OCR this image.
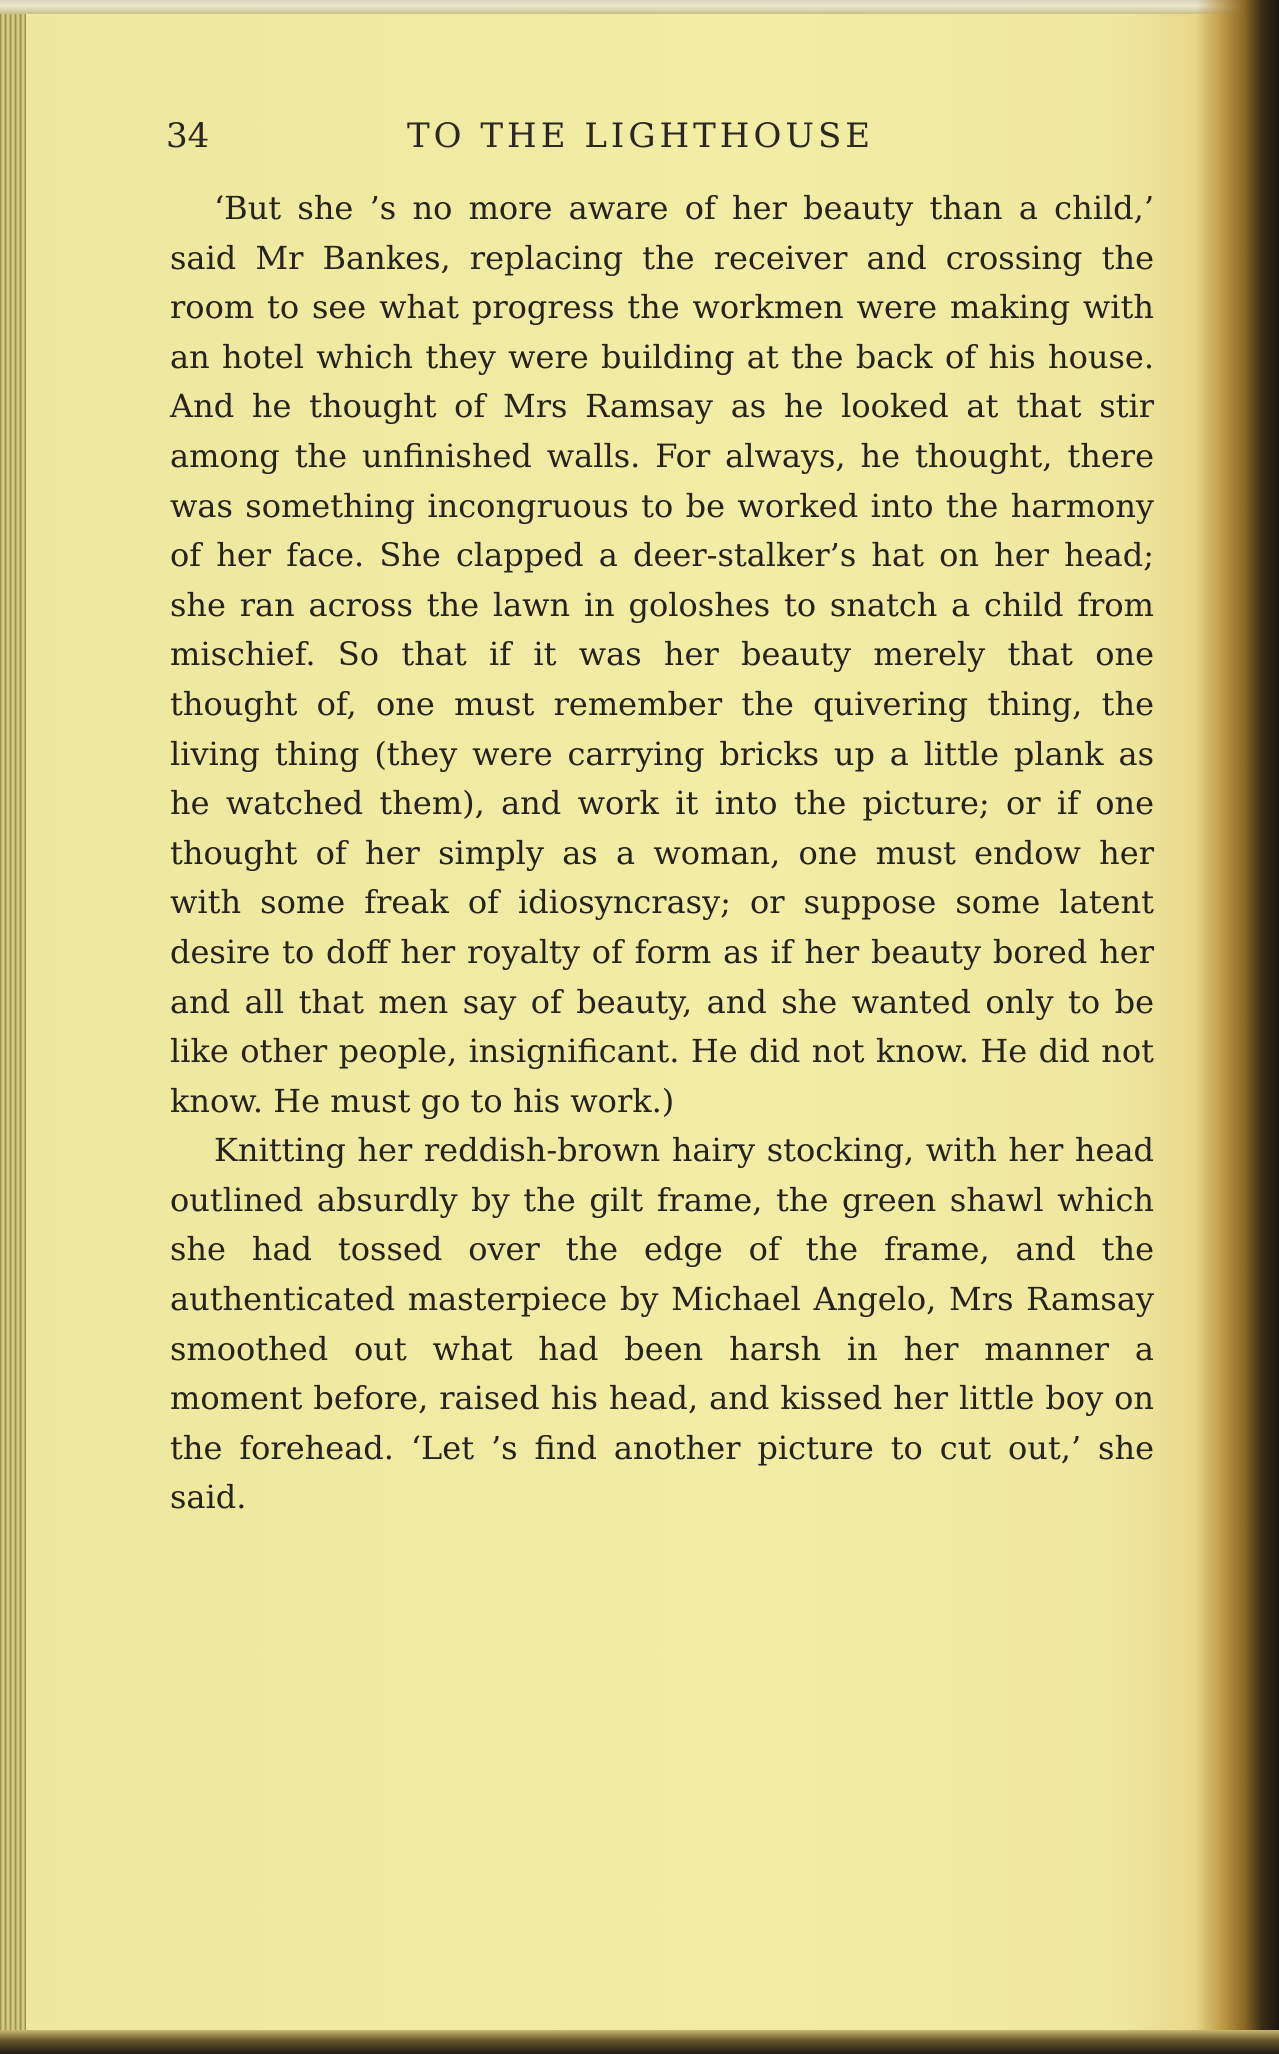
34	TO THE LIGHTHOUSE

‘But she ’s no more aware of her beauty than a child,’ said Mr Bankes, replacing the receiver and crossing the room to see what progress the workmen were making with an hotel which they were building at the back of his house. And he thought of Mrs Ramsay as he looked at that stir among the unfinished walls. For always, he thought, there was something incongruous to be worked into the harmony of her face. She clapped a deer-stalker’s hat on her head; she ran across the lawn in goloshes to snatch a child from mischief. So that if it was her beauty merely that one thought of, one must remember the quivering thing, the living thing (they were carrying bricks up a little plank as he watched them), and work it into the picture; or if one thought of her simply as a woman, one must endow her with some freak of idiosyncrasy; or suppose some latent desire to doff her royalty of form as if her beauty bored her and all that men say of beauty, and she wanted only to be like other people, insignificant. He did not know. He did not know. He must go to his work.)

Knitting her reddish-brown hairy stocking, with her head outlined absurdly by the gilt frame, the green shawl which she had tossed over the edge of the frame, and the authenticated masterpiece by Michael Angelo, Mrs Ramsay smoothed out what had been harsh in her manner a moment before, raised his head, and kissed her little boy on the forehead. ‘Let ’s find another picture to cut out,’ she said.
